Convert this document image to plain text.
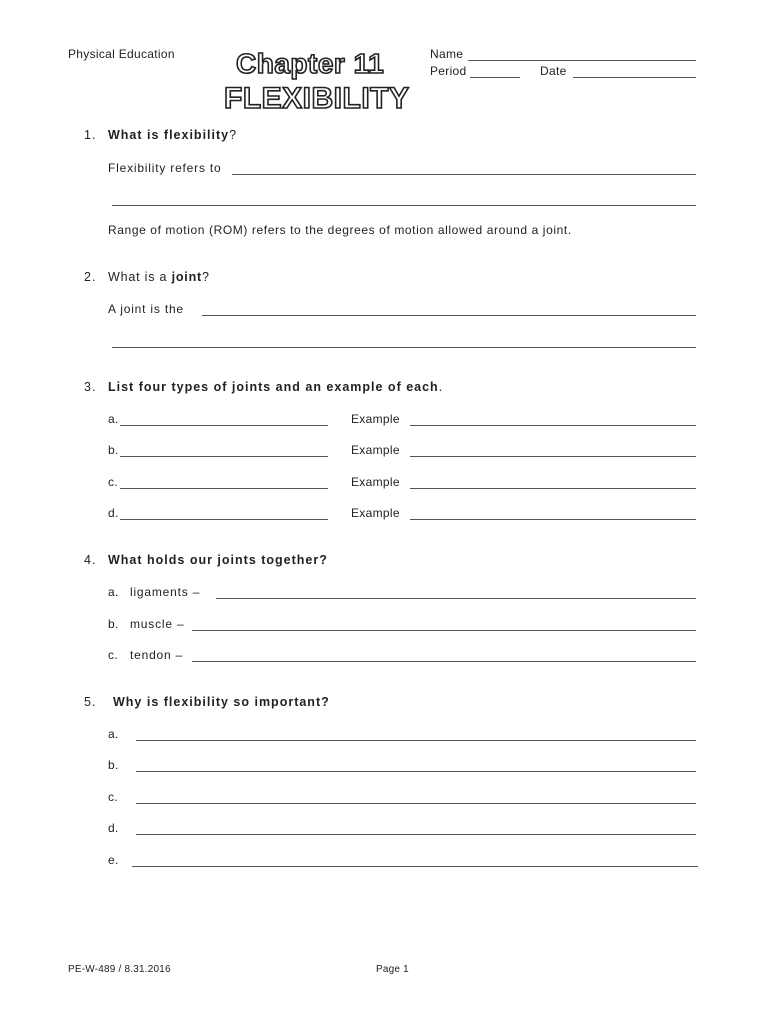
Physical Education Chapter 11
FLEXIBILITY
Name
Period	Date
1. What is flexibility?
Flexibility refers to
Range of motion (ROM) refers to the degrees of motion allowed around a joint.
2. What is a joint?
A joint is the
3. List four types of joints and an example of each.
a.	Example
b.	Example
c.	Example
d.	Example
4. What holds our joints together?
a. ligaments –
b. muscle –
c. tendon –
5. Why is flexibility so important?
a.
b.
c.
d.
e.
PE-W-489 / 8.31.2016	Page 1
